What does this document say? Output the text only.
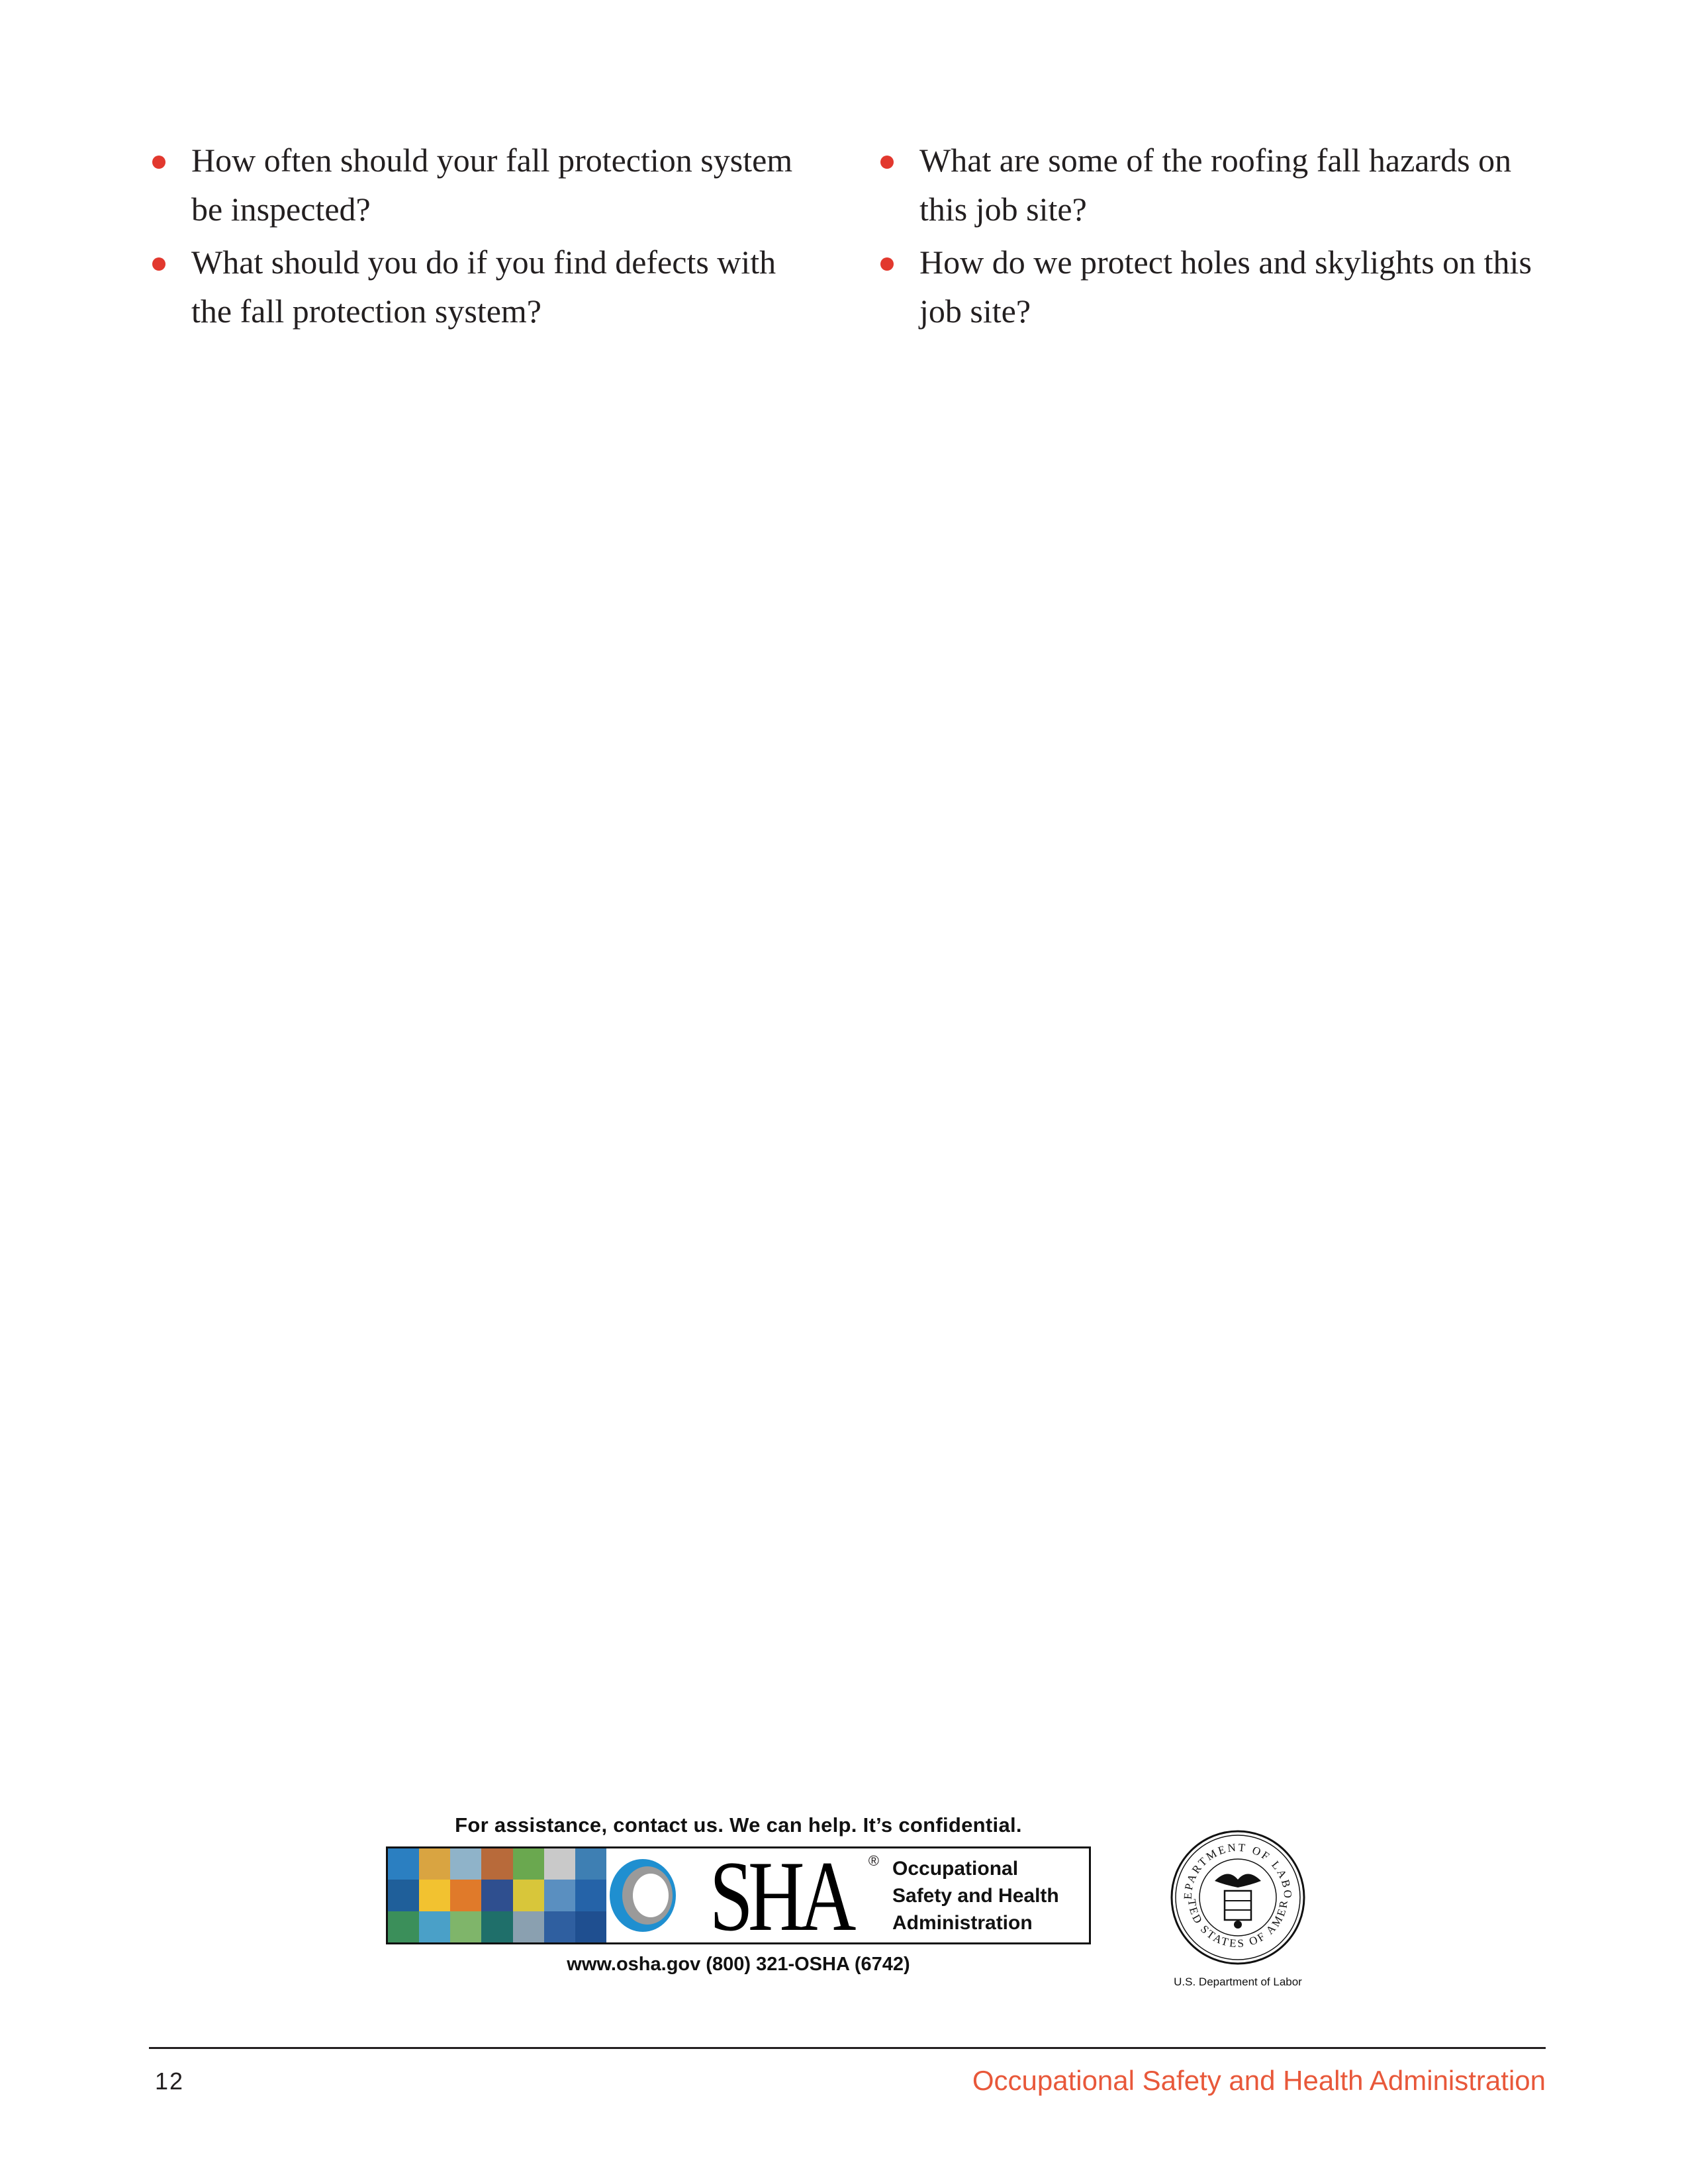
How often should your fall protection system be inspected?
What should you do if you find defects with the fall protection system?
What are some of the roofing fall hazards on this job site?
How do we protect holes and skylights on this job site?
For assistance, contact us. We can help. It’s confidential.
SHA ® Occupational
Safety and Health
Administration
www.osha.gov (800) 321-OSHA (6742)
EPARTMENT OF LABO
TED STATES OF AMER
U.S. Department of Labor
12	Occupational Safety and Health Administration
